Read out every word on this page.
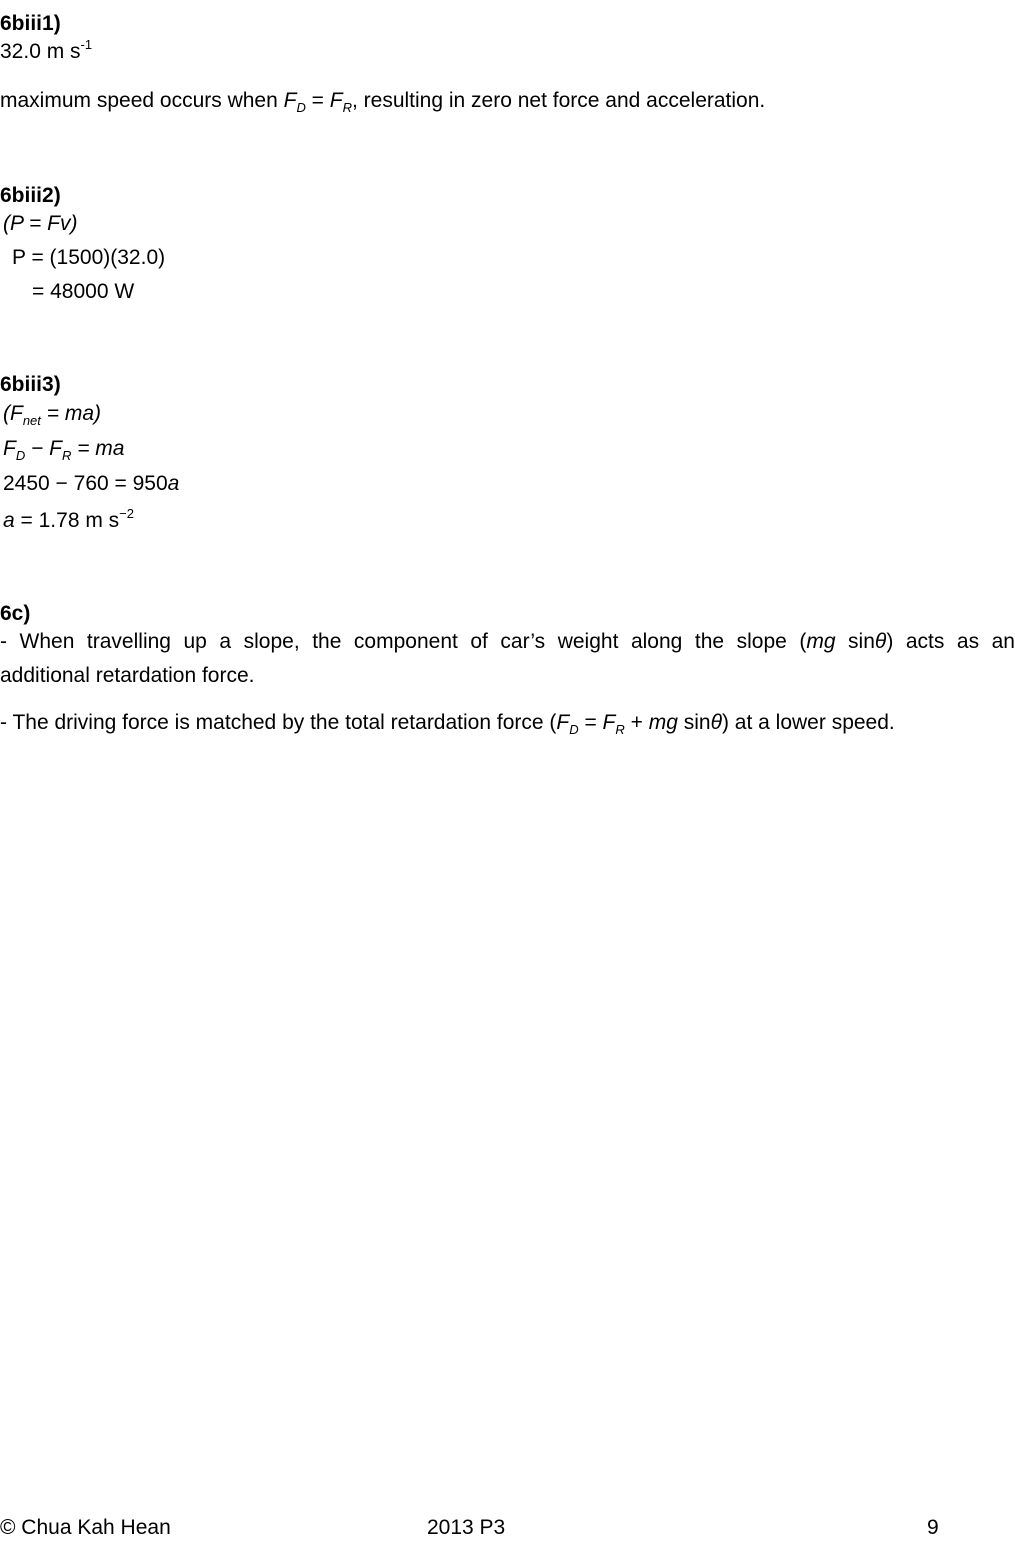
6biii1)
32.0 m $s^{-1}$
maximum speed occurs when $F_D = F_R$, resulting in zero net force and acceleration.
6biii2)
(P = Fv)
P = (1500)(32.0)
= 48000 W
6biii3)
$(F_{net} = ma)$
$F_D - F_R$ = ma
2450 − 760 = 950a
a = 1.78 m $s^{-2}$
6c)
- When travelling up a slope, the component of car’s weight along the slope (mg sinθ) acts as an
additional retardation force.
- The driving force is matched by the total retardation force ($F_D = F_R$ + mg sinθ) at a lower speed.
© Chua Kah Hean	2013 P3	9
